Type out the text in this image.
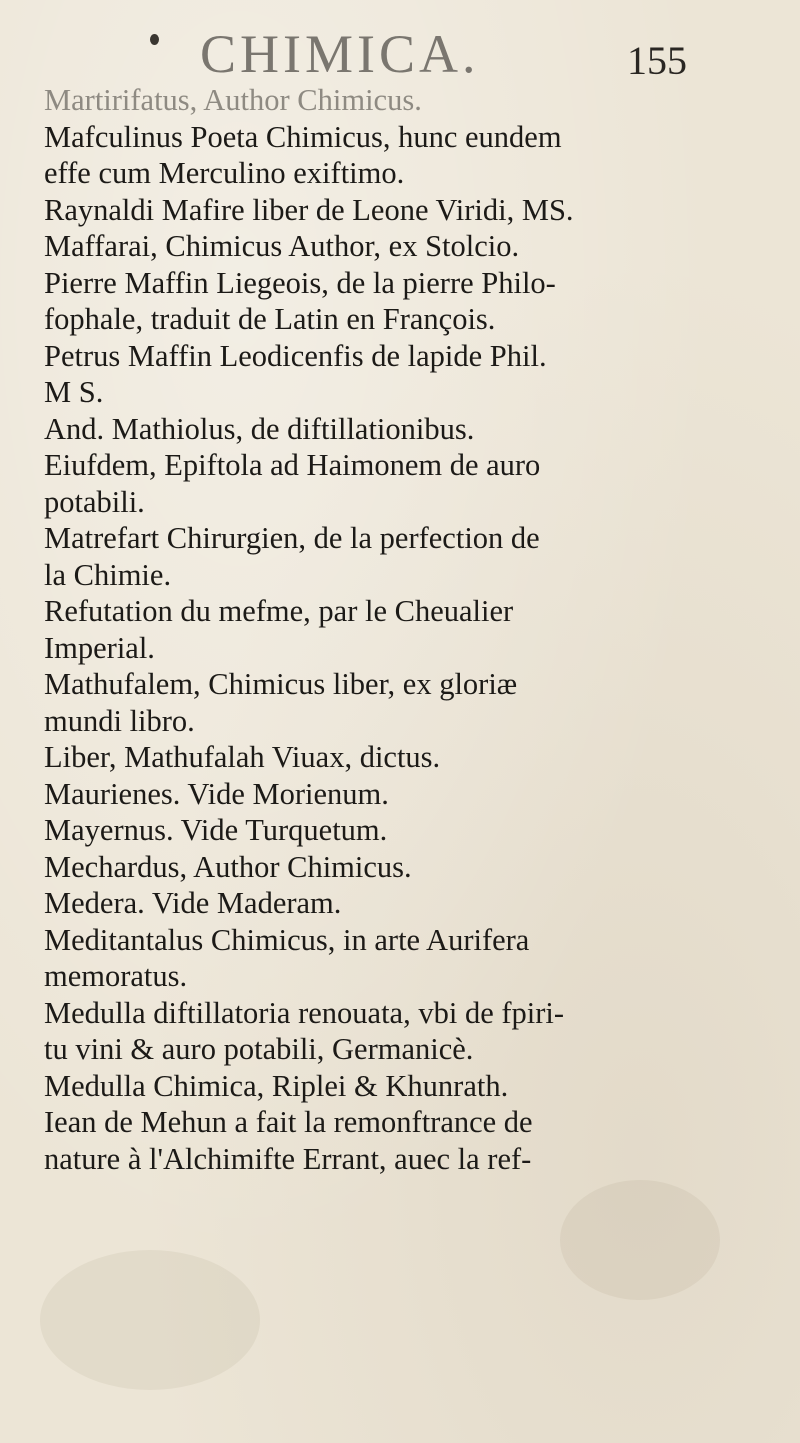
CHIMICA.	155

Martirifatus, Author Chimicus.

Mafculinus Poeta Chimicus, hunc eundem
effe cum Merculino exiftimo.

Raynaldi Mafire liber de Leone Viridi, MS.

Maffarai, Chimicus Author, ex Stolcio.

Pierre Maffin Liegeois, de la pierre Philo-
fophale, traduit de Latin en François.

Petrus Maffin Leodicenfis de lapide Phil.
M S.

And. Mathiolus, de diftillationibus.

Eiufdem, Epiftola ad Haimonem de auro
potabili.

Matrefart Chirurgien, de la perfection de
la Chimie.

Refutation du mefme, par le Cheualier
Imperial.

Mathufalem, Chimicus liber, ex gloriæ
mundi libro.

Liber, Mathufalah Viuax, dictus.

Maurienes. Vide Morienum.

Mayernus. Vide Turquetum.

Mechardus, Author Chimicus.

Medera. Vide Maderam.

Meditantalus Chimicus, in arte Aurifera
memoratus.

Medulla diftillatoria renouata, vbi de fpiri-
tu vini & auro potabili, Germanicè.

Medulla Chimica, Riplei & Khunrath.

Iean de Mehun a fait la remonftrance de
nature à l'Alchimifte Errant, auec la ref-
